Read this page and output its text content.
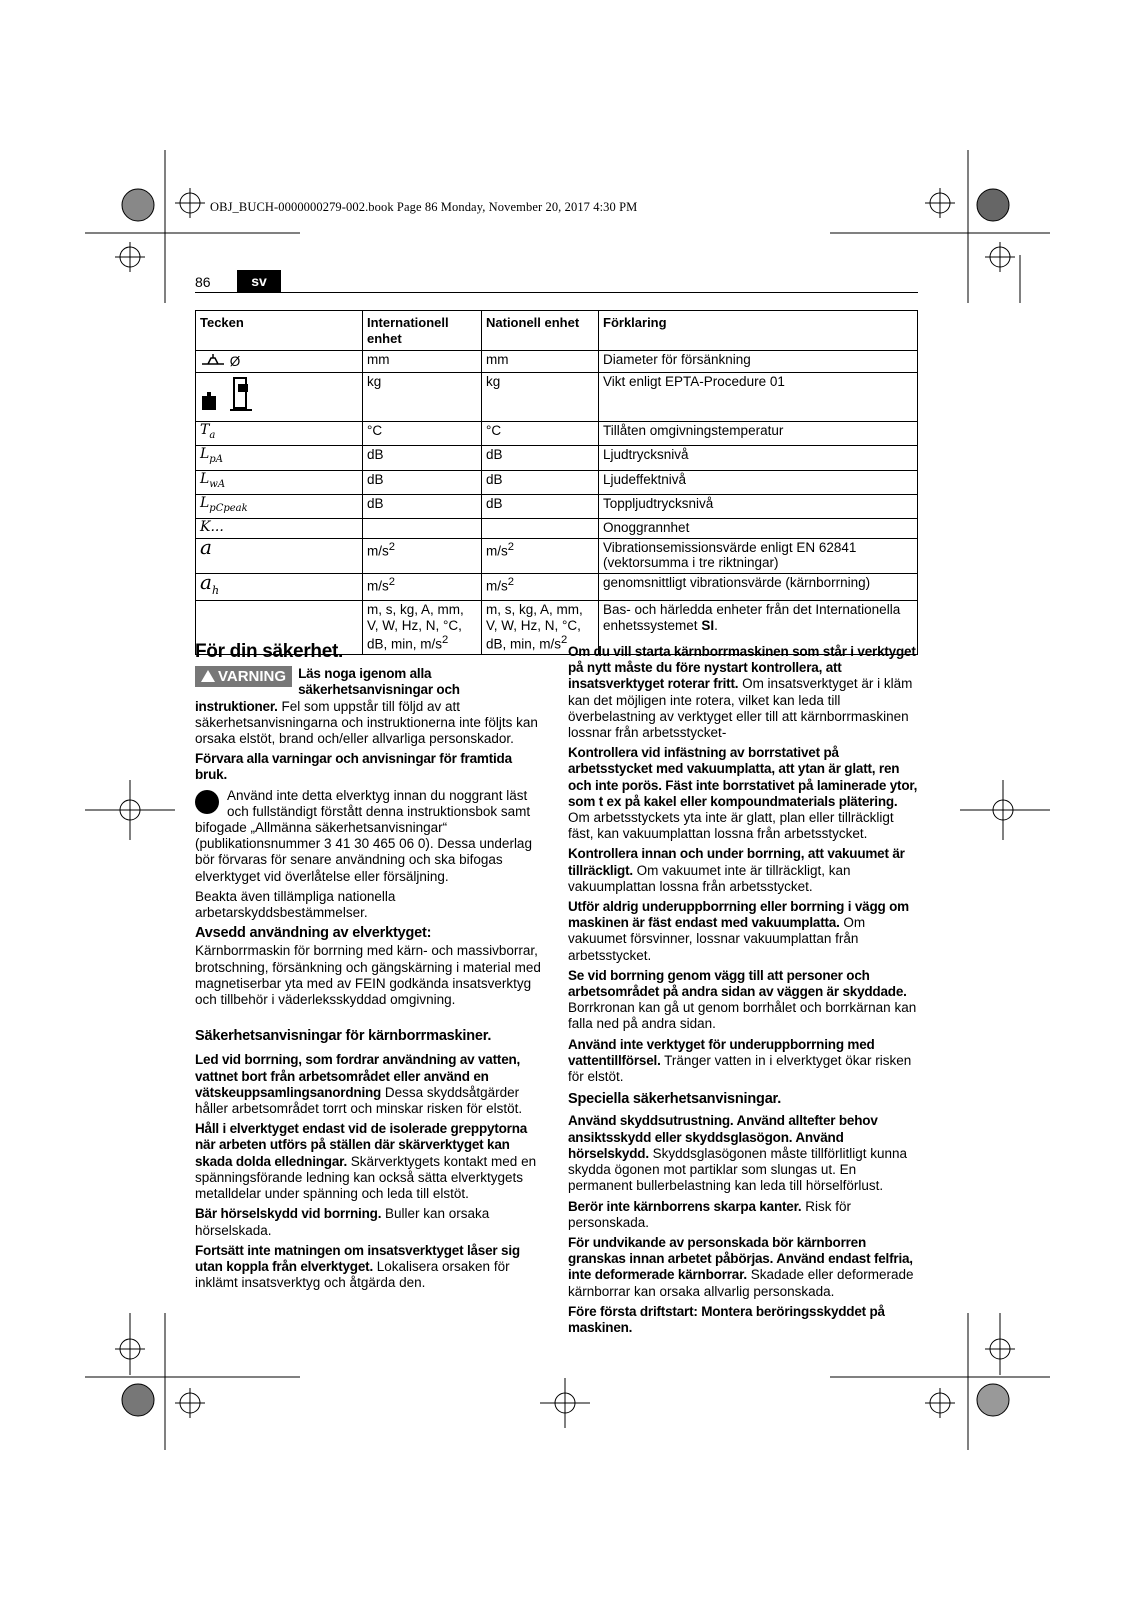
OBJ_BUCH-0000000279-002.book Page 86 Monday, November 20, 2017 4:30 PM
86	sv
Tecken	Internationell enhet	Nationell enhet	Förklaring
Ø	mm	mm	Diameter för försänkning
	kg	kg	Vikt enligt EPTA-Procedure 01
$T_a$	°C	°C	Tillåten omgivningstemperatur
$L_{pA}$	dB	dB	Ljudtrycksnivå
$L_{wA}$	dB	dB	Ljudeffektnivå
$L_{pCpeak}$	dB	dB	Toppljudtrycksnivå
K...			Onoggrannhet
a	$m/s^2$	$m/s^2$	Vibrationsemissionsvärde enligt EN 62841
(vektorsumma i tre riktningar)
$a_h$	$m/s^2$	$m/s^2$	genomsnittligt vibrationsvärde (kärnborrning)
	m, s, kg, A, mm,
V, W, Hz, N, °C,
dB, min, $m/s^2$	m, s, kg, A, mm,
V, W, Hz, N, °C,
dB, min, $m/s^2$	Bas- och härledda enheter från det Internationella
enhetssystemet SI.
För din säkerhet.

VARNING Läs noga igenom alla säkerhetsanvisningar och instruktioner. Fel som uppstår till följd av att säkerhetsanvisningarna och instruktionerna inte följts kan orsaka elstöt, brand och/eller allvarliga personskador.

Förvara alla varningar och anvisningar för framtida bruk.

Använd inte detta elverktyg innan du noggrant läst och fullständigt förstått denna instruktionsbok samt bifogade „Allmänna säkerhetsanvisningar“ (publikationsnummer 3 41 30 465 06 0). Dessa underlag bör förvaras för senare användning och ska bifogas elverktyget vid överlåtelse eller försäljning.

Beakta även tillämpliga nationella arbetarskyddsbestämmelser.

Avsedd användning av elverktyget:

Kärnborrmaskin för borrning med kärn- och massivborrar, brotschning, försänkning och gängskärning i material med magnetiserbar yta med av FEIN godkända insatsverktyg och tillbehör i väderleksskyddad omgivning.

Säkerhetsanvisningar för kärnborrmaskiner.

Led vid borrning, som fordrar användning av vatten, vattnet bort från arbetsområdet eller använd en vätskeuppsamlingsanordning Dessa skyddsåtgärder håller arbetsområdet torrt och minskar risken för elstöt.

Håll i elverktyget endast vid de isolerade greppytorna när arbeten utförs på ställen där skärverktyget kan skada dolda elledningar. Skärverktygets kontakt med en spänningsförande ledning kan också sätta elverktygets metalldelar under spänning och leda till elstöt.

Bär hörselskydd vid borrning. Buller kan orsaka hörselskada.

Fortsätt inte matningen om insatsverktyget låser sig utan koppla från elverktyget. Lokalisera orsaken för inklämt insatsverktyg och åtgärda den.

Om du vill starta kärnborrmaskinen som står i verktyget på nytt måste du före nystart kontrollera, att insatsverktyget roterar fritt. Om insatsverktyget är i kläm kan det möjligen inte rotera, vilket kan leda till överbelastning av verktyget eller till att kärnborrmaskinen lossnar från arbetsstycket-

Kontrollera vid infästning av borrstativet på arbetsstycket med vakuumplatta, att ytan är glatt, ren och inte porös. Fäst inte borrstativet på laminerade ytor, som t ex på kakel eller kompoundmaterials plätering. Om arbetsstyckets yta inte är glatt, plan eller tillräckligt fäst, kan vakuumplattan lossna från arbetsstycket.

Kontrollera innan och under borrning, att vakuumet är tillräckligt. Om vakuumet inte är tillräckligt, kan vakuumplattan lossna från arbetsstycket.

Utför aldrig underuppborrning eller borrning i vägg om maskinen är fäst endast med vakuumplatta. Om vakuumet försvinner, lossnar vakuumplattan från arbetsstycket.

Se vid borrning genom vägg till att personer och arbetsområdet på andra sidan av väggen är skyddade. Borrkronan kan gå ut genom borrhålet och borrkärnan kan falla ned på andra sidan.

Använd inte verktyget för underuppborrning med vattentillförsel. Tränger vatten in i elverktyget ökar risken för elstöt.

Speciella säkerhetsanvisningar.

Använd skyddsutrustning. Använd alltefter behov ansiktsskydd eller skyddsglasögon. Använd hörselskydd. Skyddsglasögonen måste tillförlitligt kunna skydda ögonen mot partiklar som slungas ut. En permanent bullerbelastning kan leda till hörselförlust.

Berör inte kärnborrens skarpa kanter. Risk för personskada.

För undvikande av personskada bör kärnborren granskas innan arbetet påbörjas. Använd endast felfria, inte deformerade kärnborrar. Skadade eller deformerade kärnborrar kan orsaka allvarlig personskada.

Före första driftstart: Montera beröringsskyddet på maskinen.
